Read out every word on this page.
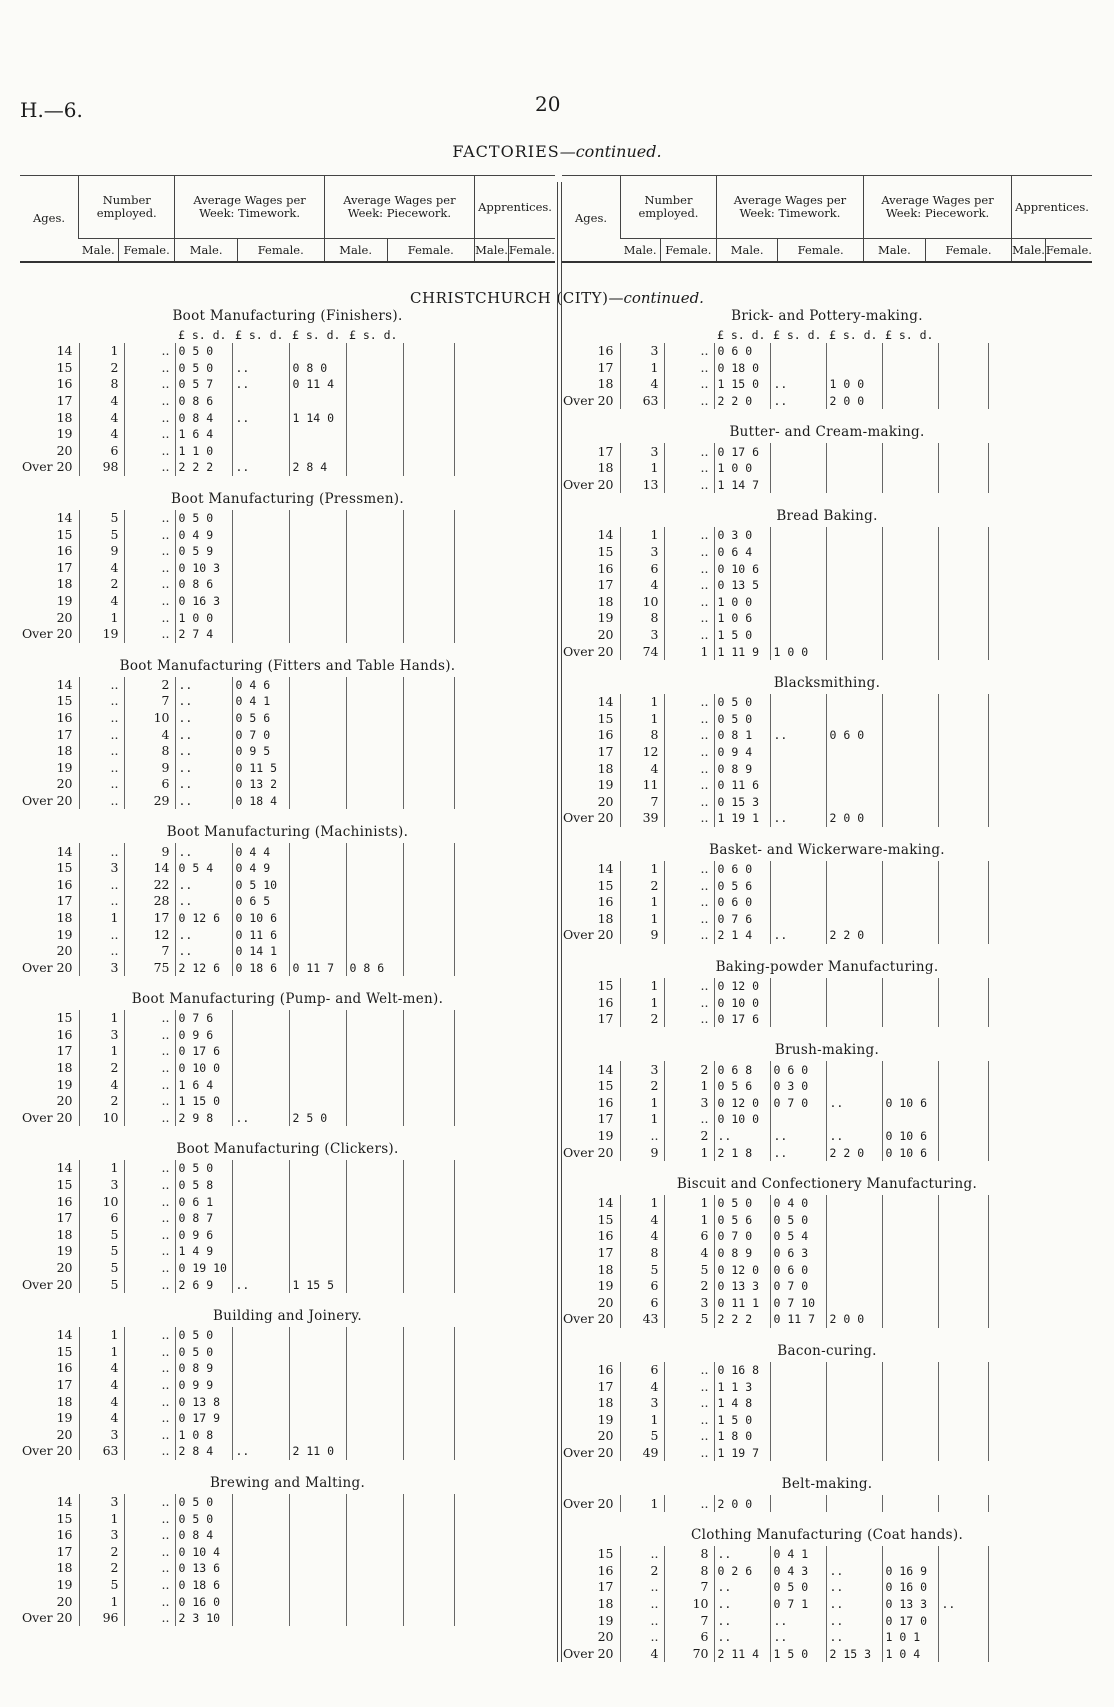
H.—6.	20
FACTORIES—continued.
Ages.	Number employed.		Average Wages per Week: Timework.		Average Wages per Week: Piecework.		Apprentices.	
	Male.	Female.	Male.	Female.	Male.	Female.	Male.	Female.
Ages.	Number employed.		Average Wages per Week: Timework.		Average Wages per Week: Piecework.		Apprentices.	
	Male.	Female.	Male.	Female.	Male.	Female.	Male.	Female.
CHRISTCHURCH (CITY)—continued.
Boot Manufacturing (Finishers).
			£ s. d.	£ s. d.	£ s. d.	£ s. d.		
14	1	..	0 5 0					
15	2	..	0 5 0	..	0 8 0			
16	8	..	0 5 7	..	0 11 4			
17	4	..	0 8 6					
18	4	..	0 8 4	..	1 14 0			
19	4	..	1 6 4					
20	6	..	1 1 0					
Over 20	98	..	2 2 2	..	2 8 4			
Boot Manufacturing (Pressmen).
14	5	..	0 5 0					
15	5	..	0 4 9					
16	9	..	0 5 9					
17	4	..	0 10 3					
18	2	..	0 8 6					
19	4	..	0 16 3					
20	1	..	1 0 0					
Over 20	19	..	2 7 4					
Boot Manufacturing (Fitters and Table Hands).
14	..	2	..	0 4 6				
15	..	7	..	0 4 1				
16	..	10	..	0 5 6				
17	..	4	..	0 7 0				
18	..	8	..	0 9 5				
19	..	9	..	0 11 5				
20	..	6	..	0 13 2				
Over 20	..	29	..	0 18 4				
Boot Manufacturing (Machinists).
14	..	9	..	0 4 4				
15	3	14	0 5 4	0 4 9				
16	..	22	..	0 5 10				
17	..	28	..	0 6 5				
18	1	17	0 12 6	0 10 6				
19	..	12	..	0 11 6				
20	..	7	..	0 14 1				
Over 20	3	75	2 12 6	0 18 6	0 11 7	0 8 6		
Boot Manufacturing (Pump- and Welt-men).
15	1	..	0 7 6					
16	3	..	0 9 6					
17	1	..	0 17 6					
18	2	..	0 10 0					
19	4	..	1 6 4					
20	2	..	1 15 0					
Over 20	10	..	2 9 8	..	2 5 0			
Boot Manufacturing (Clickers).
14	1	..	0 5 0					
15	3	..	0 5 8					
16	10	..	0 6 1					
17	6	..	0 8 7					
18	5	..	0 9 6					
19	5	..	1 4 9					
20	5	..	0 19 10					
Over 20	5	..	2 6 9	..	1 15 5			
Building and Joinery.
14	1	..	0 5 0					
15	1	..	0 5 0					
16	4	..	0 8 9					
17	4	..	0 9 9					
18	4	..	0 13 8					
19	4	..	0 17 9					
20	3	..	1 0 8					
Over 20	63	..	2 8 4	..	2 11 0			
Brewing and Malting.
14	3	..	0 5 0					
15	1	..	0 5 0					
16	3	..	0 8 4					
17	2	..	0 10 4					
18	2	..	0 13 6					
19	5	..	0 18 6					
20	1	..	0 16 0					
Over 20	96	..	2 3 10					
Brick- and Pottery-making.
			£ s. d.	£ s. d.	£ s. d.	£ s. d.		
16	3	..	0 6 0					
17	1	..	0 18 0					
18	4	..	1 15 0	..	1 0 0			
Over 20	63	..	2 2 0	..	2 0 0			
Butter- and Cream-making.
17	3	..	0 17 6					
18	1	..	1 0 0					
Over 20	13	..	1 14 7					
Bread Baking.
14	1	..	0 3 0					
15	3	..	0 6 4					
16	6	..	0 10 6					
17	4	..	0 13 5					
18	10	..	1 0 0					
19	8	..	1 0 6					
20	3	..	1 5 0					
Over 20	74	1	1 11 9	1 0 0				
Blacksmithing.
14	1	..	0 5 0					
15	1	..	0 5 0					
16	8	..	0 8 1	..	0 6 0			
17	12	..	0 9 4					
18	4	..	0 8 9					
19	11	..	0 11 6					
20	7	..	0 15 3					
Over 20	39	..	1 19 1	..	2 0 0			
Basket- and Wickerware-making.
14	1	..	0 6 0					
15	2	..	0 5 6					
16	1	..	0 6 0					
18	1	..	0 7 6					
Over 20	9	..	2 1 4	..	2 2 0			
Baking-powder Manufacturing.
15	1	..	0 12 0					
16	1	..	0 10 0					
17	2	..	0 17 6					
Brush-making.
14	3	2	0 6 8	0 6 0				
15	2	1	0 5 6	0 3 0				
16	1	3	0 12 0	0 7 0	..	0 10 6		
17	1	..	0 10 0					
19	..	2	..	..	..	0 10 6		
Over 20	9	1	2 1 8	..	2 2 0	0 10 6		
Biscuit and Confectionery Manufacturing.
14	1	1	0 5 0	0 4 0				
15	4	1	0 5 6	0 5 0				
16	4	6	0 7 0	0 5 4				
17	8	4	0 8 9	0 6 3				
18	5	5	0 12 0	0 6 0				
19	6	2	0 13 3	0 7 0				
20	6	3	0 11 1	0 7 10				
Over 20	43	5	2 2 2	0 11 7	2 0 0			
Bacon-curing.
16	6	..	0 16 8					
17	4	..	1 1 3					
18	3	..	1 4 8					
19	1	..	1 5 0					
20	5	..	1 8 0					
Over 20	49	..	1 19 7					
Belt-making.
Over 20	1	..	2 0 0					
Clothing Manufacturing (Coat hands).
15	..	8	..	0 4 1				
16	2	8	0 2 6	0 4 3	..	0 16 9		
17	..	7	..	0 5 0	..	0 16 0		
18	..	10	..	0 7 1	..	0 13 3	..	
19	..	7	..	..	..	0 17 0		
20	..	6	..	..	..	1 0 1		
Over 20	4	70	2 11 4	1 5 0	2 15 3	1 0 4		
